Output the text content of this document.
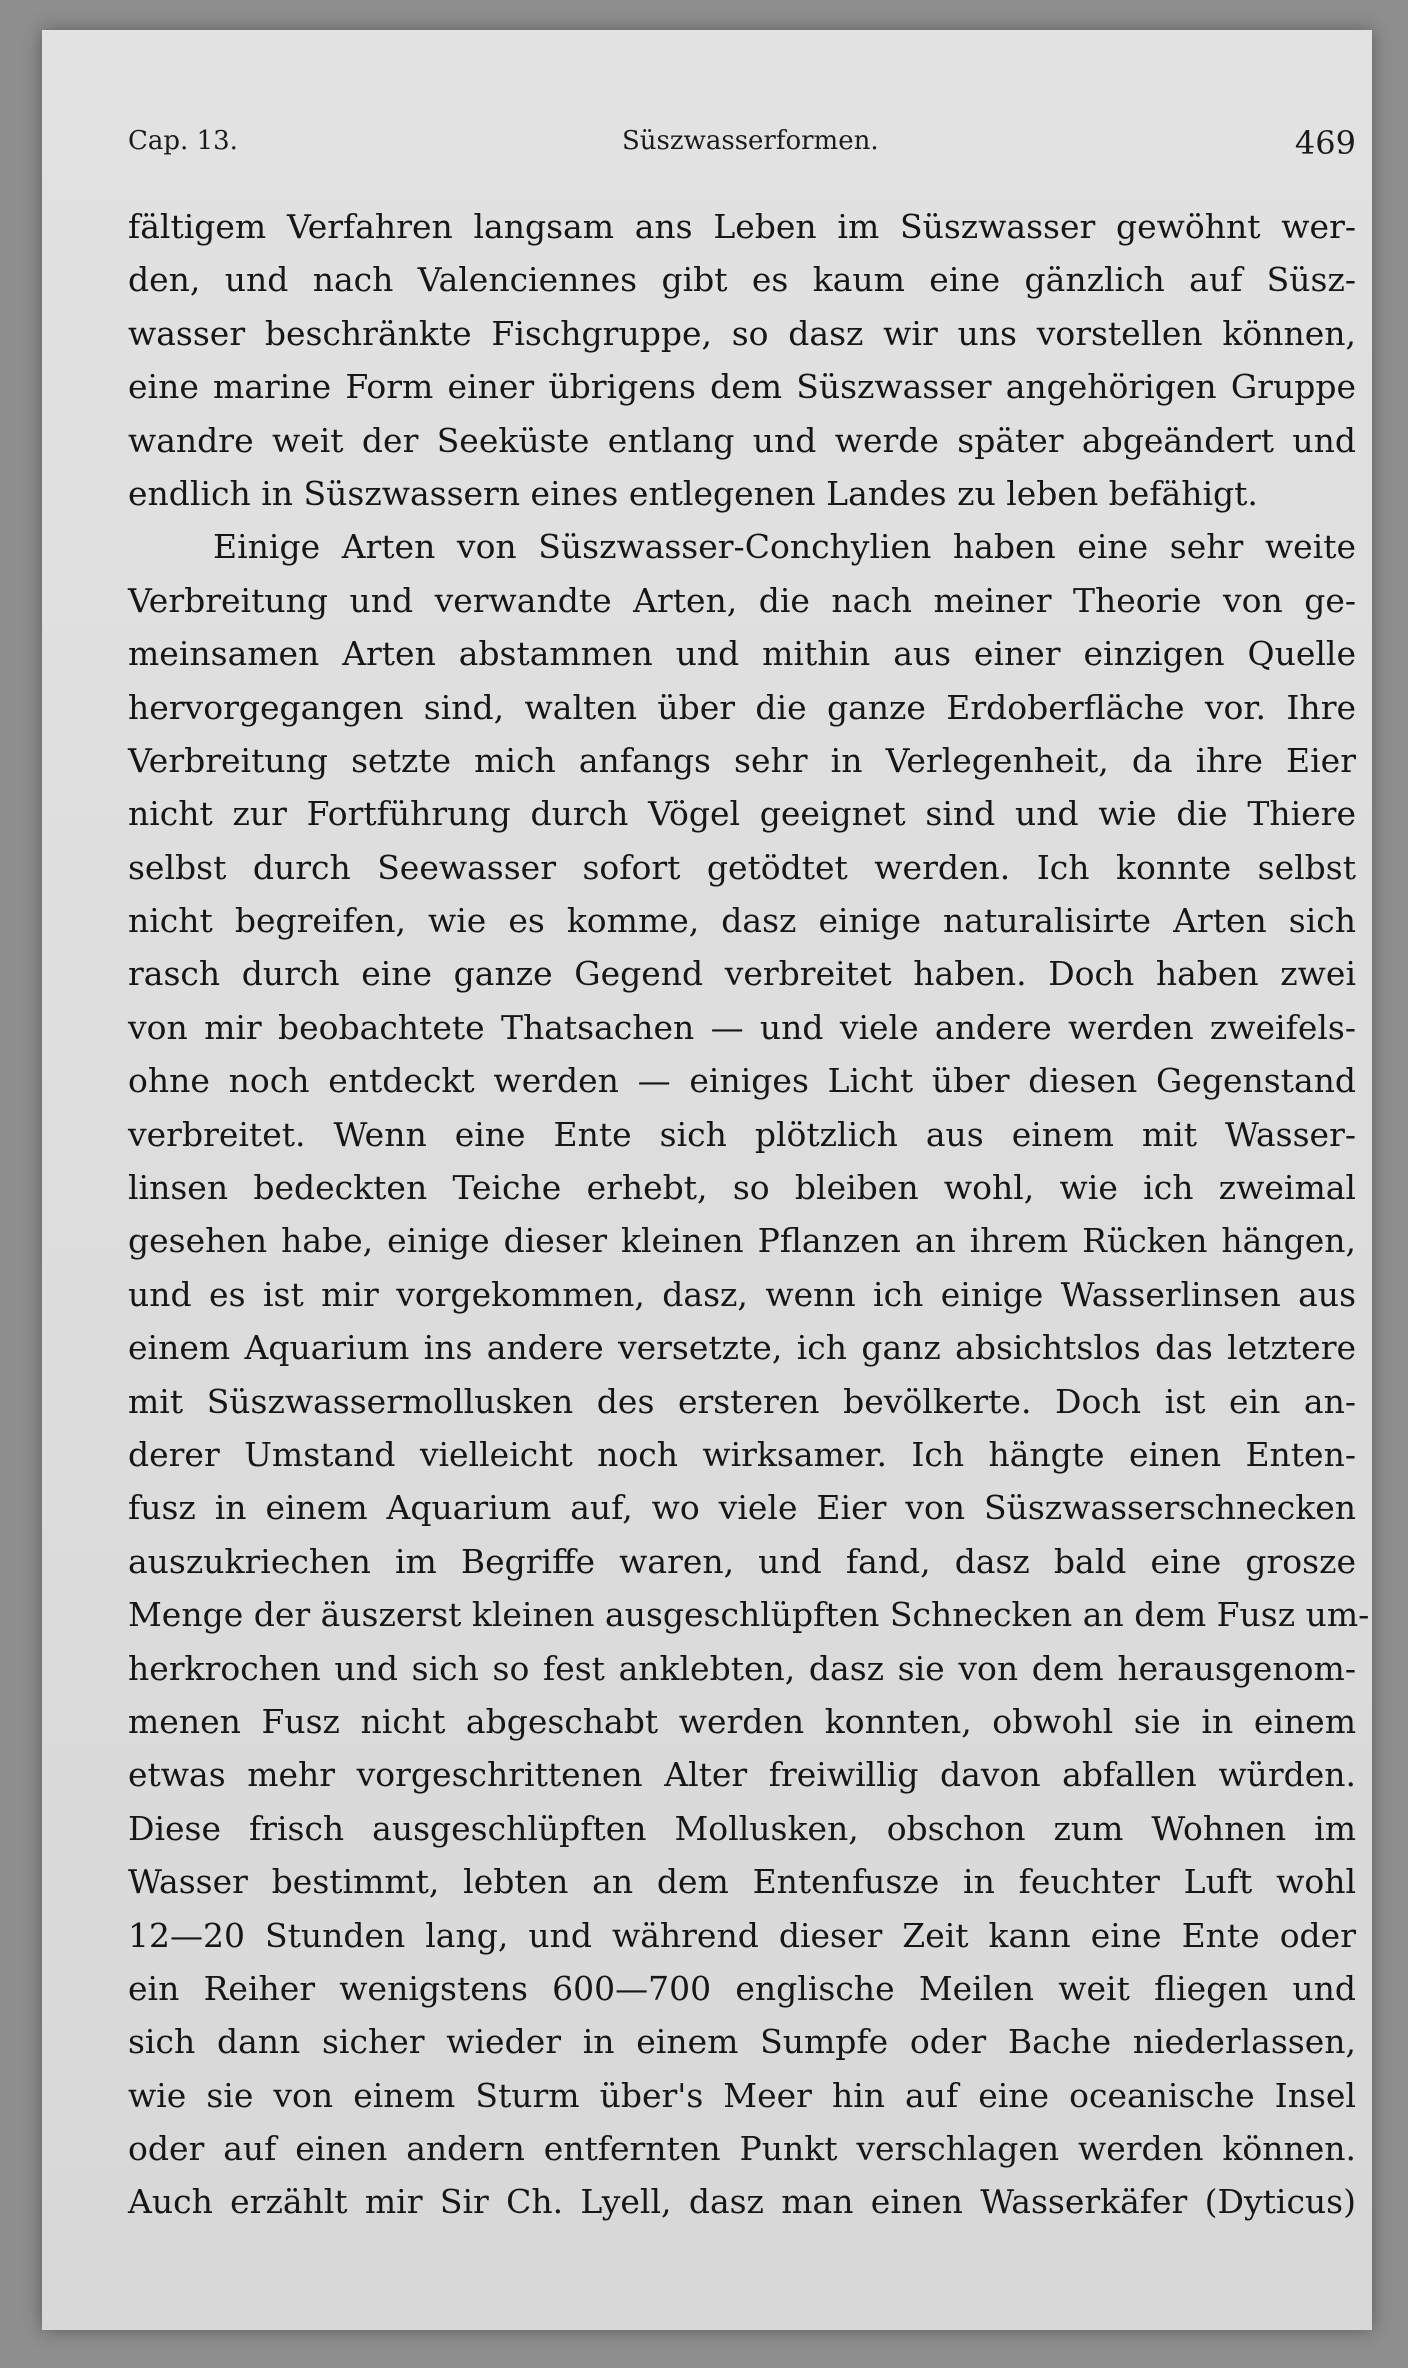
Cap. 13.	Süszwasserformen.	469
fältigem Verfahren langsam ans Leben im Süszwasser gewöhnt wer-
den, und nach Valenciennes gibt es kaum eine gänzlich auf Süsz-
wasser beschränkte Fischgruppe, so dasz wir uns vorstellen können,
eine marine Form einer übrigens dem Süszwasser angehörigen Gruppe
wandre weit der Seeküste entlang und werde später abgeändert und
endlich in Süszwassern eines entlegenen Landes zu leben befähigt.
Einige Arten von Süszwasser-Conchylien haben eine sehr weite
Verbreitung und verwandte Arten, die nach meiner Theorie von ge-
meinsamen Arten abstammen und mithin aus einer einzigen Quelle
hervorgegangen sind, walten über die ganze Erdoberfläche vor. Ihre
Verbreitung setzte mich anfangs sehr in Verlegenheit, da ihre Eier
nicht zur Fortführung durch Vögel geeignet sind und wie die Thiere
selbst durch Seewasser sofort getödtet werden. Ich konnte selbst
nicht begreifen, wie es komme, dasz einige naturalisirte Arten sich
rasch durch eine ganze Gegend verbreitet haben. Doch haben zwei
von mir beobachtete Thatsachen — und viele andere werden zweifels-
ohne noch entdeckt werden — einiges Licht über diesen Gegenstand
verbreitet. Wenn eine Ente sich plötzlich aus einem mit Wasser-
linsen bedeckten Teiche erhebt, so bleiben wohl, wie ich zweimal
gesehen habe, einige dieser kleinen Pflanzen an ihrem Rücken hängen,
und es ist mir vorgekommen, dasz, wenn ich einige Wasserlinsen aus
einem Aquarium ins andere versetzte, ich ganz absichtslos das letztere
mit Süszwassermollusken des ersteren bevölkerte. Doch ist ein an-
derer Umstand vielleicht noch wirksamer. Ich hängte einen Enten-
fusz in einem Aquarium auf, wo viele Eier von Süszwasserschnecken
auszukriechen im Begriffe waren, und fand, dasz bald eine grosze
Menge der äuszerst kleinen ausgeschlüpften Schnecken an dem Fusz um-
herkrochen und sich so fest anklebten, dasz sie von dem herausgenom-
menen Fusz nicht abgeschabt werden konnten, obwohl sie in einem
etwas mehr vorgeschrittenen Alter freiwillig davon abfallen würden.
Diese frisch ausgeschlüpften Mollusken, obschon zum Wohnen im
Wasser bestimmt, lebten an dem Entenfusze in feuchter Luft wohl
12—20 Stunden lang, und während dieser Zeit kann eine Ente oder
ein Reiher wenigstens 600—700 englische Meilen weit fliegen und
sich dann sicher wieder in einem Sumpfe oder Bache niederlassen,
wie sie von einem Sturm über's Meer hin auf eine oceanische Insel
oder auf einen andern entfernten Punkt verschlagen werden können.
Auch erzählt mir Sir Ch. Lyell, dasz man einen Wasserkäfer (Dyticus)
